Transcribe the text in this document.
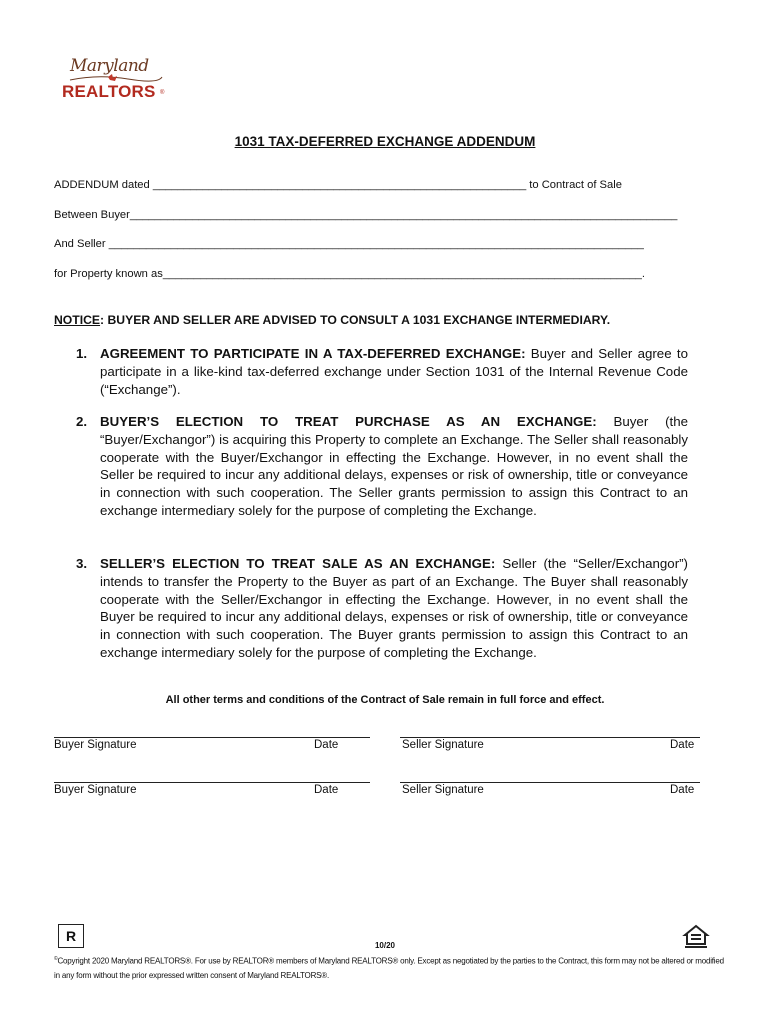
Maryland
REALTORS ®
1031 TAX-DEFERRED EXCHANGE ADDENDUM
ADDENDUM dated ____________________________________________________________ to Contract of Sale
Between Buyer________________________________________________________________________________________
And Seller ______________________________________________________________________________________
for Property known as_____________________________________________________________________________.
NOTICE: BUYER AND SELLER ARE ADVISED TO CONSULT A 1031 EXCHANGE INTERMEDIARY.
1. AGREEMENT TO PARTICIPATE IN A TAX-DEFERRED EXCHANGE: Buyer and Seller agree to participate in a like-kind tax-deferred exchange under Section 1031 of the Internal Revenue Code (“Exchange”).
2. BUYER’S ELECTION TO TREAT PURCHASE AS AN EXCHANGE: Buyer (the “Buyer/Exchangor”) is acquiring this Property to complete an Exchange. The Seller shall reasonably cooperate with the Buyer/Exchangor in effecting the Exchange. However, in no event shall the Seller be required to incur any additional delays, expenses or risk of ownership, title or conveyance in connection with such cooperation. The Seller grants permission to assign this Contract to an exchange intermediary solely for the purpose of completing the Exchange.
3. SELLER’S ELECTION TO TREAT SALE AS AN EXCHANGE: Seller (the “Seller/Exchangor”) intends to transfer the Property to the Buyer as part of an Exchange. The Buyer shall reasonably cooperate with the Seller/Exchangor in effecting the Exchange. However, in no event shall the Buyer be required to incur any additional delays, expenses or risk of ownership, title or conveyance in connection with such cooperation. The Buyer grants permission to assign this Contract to an exchange intermediary solely for the purpose of completing the Exchange.
All other terms and conditions of the Contract of Sale remain in full force and effect.
Buyer Signature	Date	Seller Signature	Date
Buyer Signature	Date	Seller Signature	Date
R
10/20
©Copyright 2020 Maryland REALTORS®. For use by REALTOR® members of Maryland REALTORS® only. Except as negotiated by the parties to the Contract, this form may not be altered or modified in any form without the prior expressed written consent of Maryland REALTORS®.
